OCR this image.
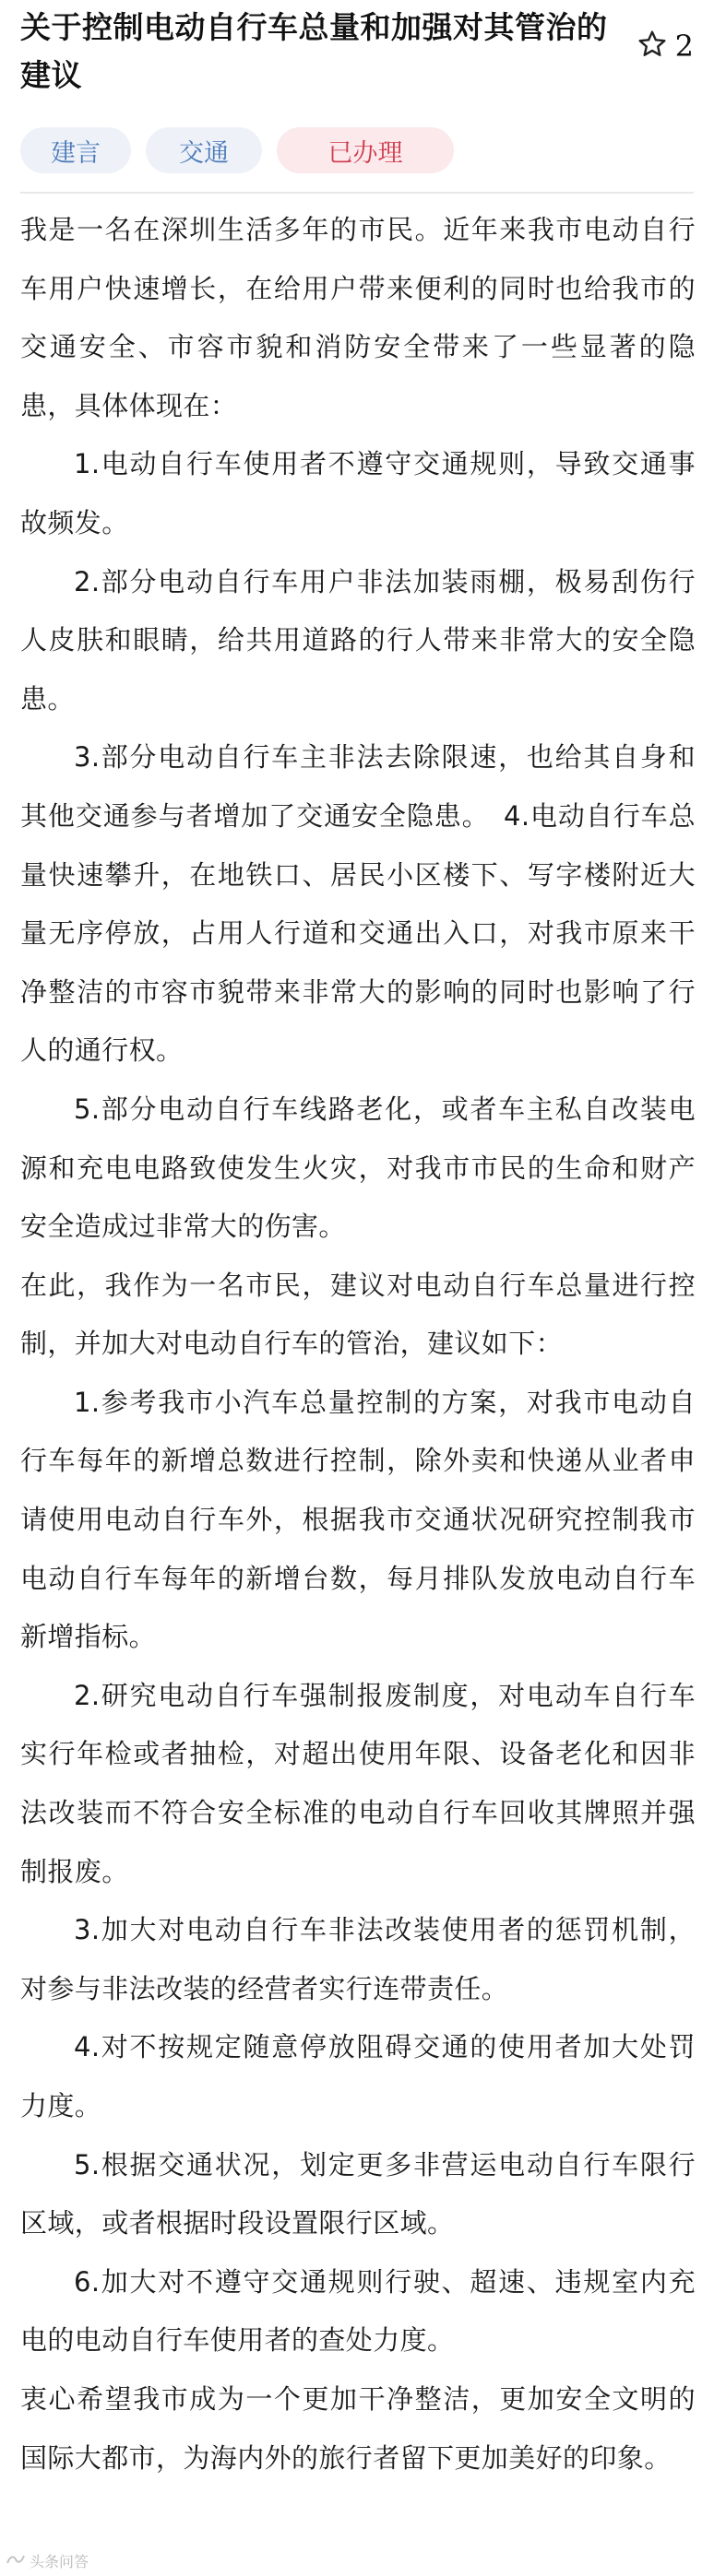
关于控制电动自行车总量和加强对其管治的建议
2
建言	交通	已办理

我是一名在深圳生活多年的市民。近年来我市电动自行车用户快速增长，在给用户带来便利的同时也给我市的交通安全、市容市貌和消防安全带来了一些显著的隐患，具体体现在：

1.电动自行车使用者不遵守交通规则，导致交通事故频发。

2.部分电动自行车用户非法加装雨棚，极易刮伤行人皮肤和眼睛，给共用道路的行人带来非常大的安全隐患。

3.部分电动自行车主非法去除限速，也给其自身和其他交通参与者增加了交通安全隐患。　4.电动自行车总量快速攀升，在地铁口、居民小区楼下、写字楼附近大量无序停放，占用人行道和交通出入口，对我市原来干净整洁的市容市貌带来非常大的影响的同时也影响了行人的通行权。

5.部分电动自行车线路老化，或者车主私自改装电源和充电电路致使发生火灾，对我市市民的生命和财产安全造成过非常大的伤害。

在此，我作为一名市民，建议对电动自行车总量进行控制，并加大对电动自行车的管治，建议如下：

1.参考我市小汽车总量控制的方案，对我市电动自行车每年的新增总数进行控制，除外卖和快递从业者申请使用电动自行车外，根据我市交通状况研究控制我市电动自行车每年的新增台数，每月排队发放电动自行车新增指标。

2.研究电动自行车强制报废制度，对电动车自行车实行年检或者抽检，对超出使用年限、设备老化和因非法改装而不符合安全标准的电动自行车回收其牌照并强制报废。

3.加大对电动自行车非法改装使用者的惩罚机制，对参与非法改装的经营者实行连带责任。

4.对不按规定随意停放阻碍交通的使用者加大处罚力度。

5.根据交通状况，划定更多非营运电动自行车限行区域，或者根据时段设置限行区域。

6.加大对不遵守交通规则行驶、超速、违规室内充电的电动自行车使用者的查处力度。

衷心希望我市成为一个更加干净整洁，更加安全文明的国际大都市，为海内外的旅行者留下更加美好的印象。

头条问答
